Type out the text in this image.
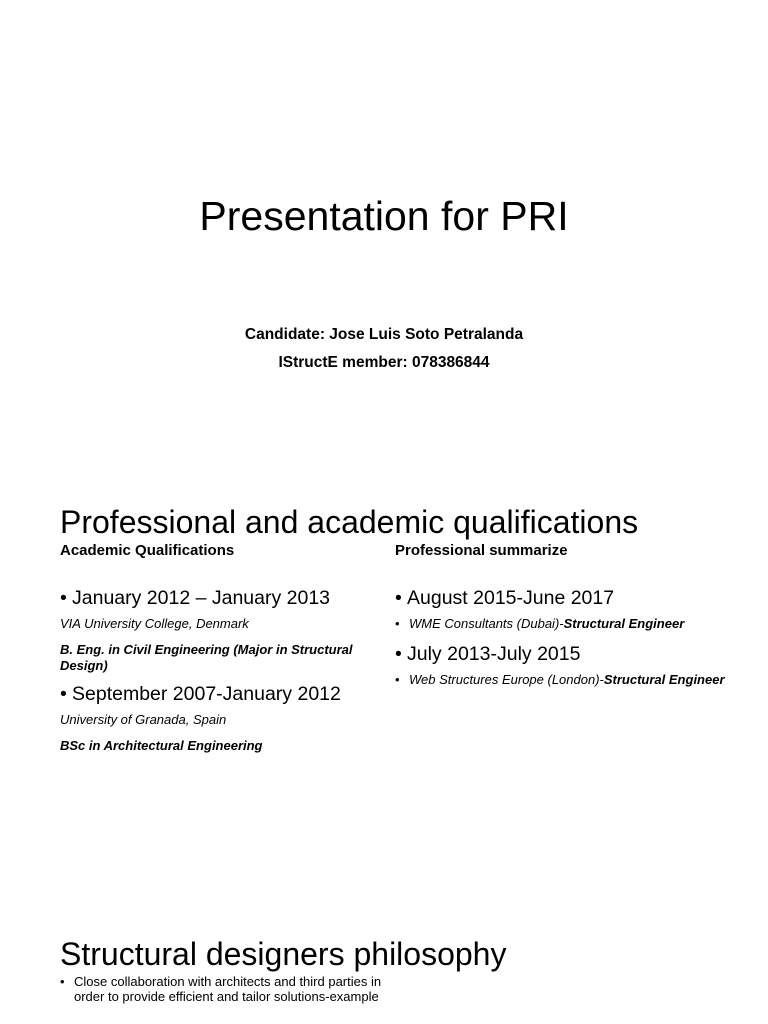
Presentation for PRI
Candidate: Jose Luis Soto Petralanda
IStructE member: 078386844
Professional and academic qualifications
Academic Qualifications
• January 2012 – January 2013
VIA University College, Denmark
B. Eng. in Civil Engineering (Major in Structural Design)
• September 2007-January 2012
University of Granada, Spain
BSc in Architectural Engineering
Professional summarize
• August 2015-June 2017
• WME Consultants (Dubai)-Structural Engineer
• July 2013-July 2015
• Web Structures Europe (London)-Structural Engineer
Structural designers philosophy
• Close collaboration with architects and third parties in order to provide efficient and tailor solutions-example
